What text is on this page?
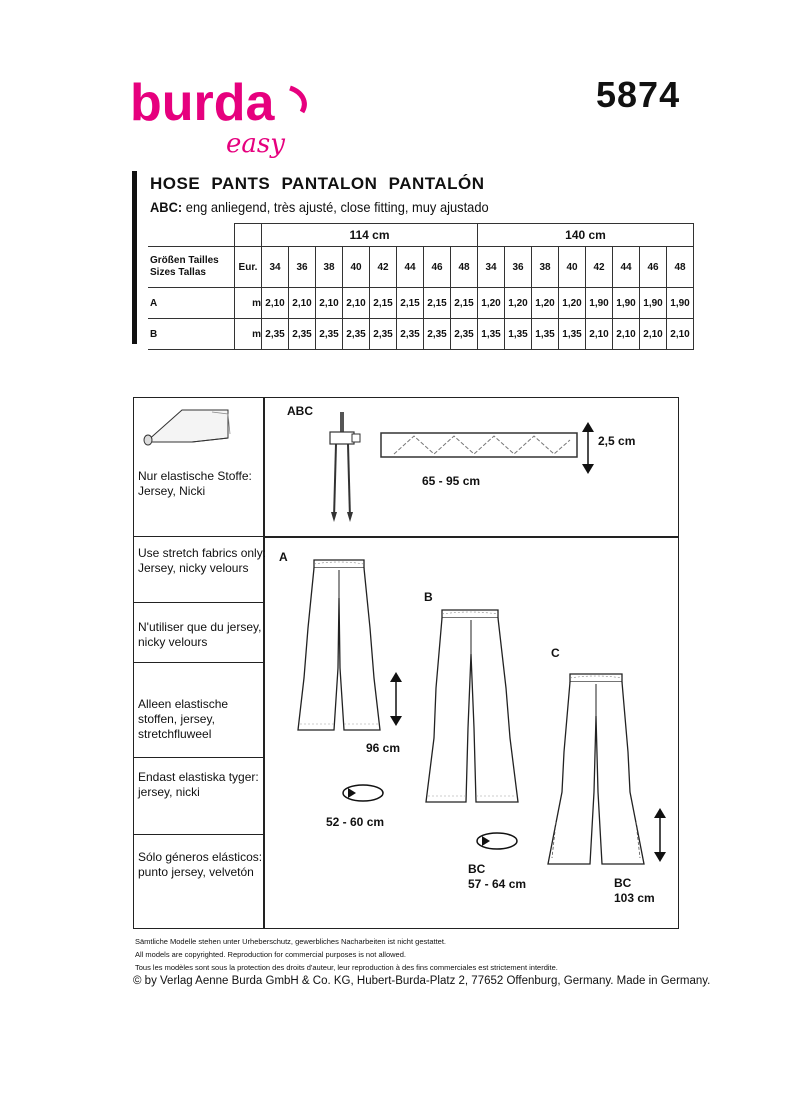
burda
easy
5874
HOSE PANTS PANTALON PANTALÓN
ABC: eng anliegend, très ajusté, close fitting, muy ajustado
		114 cm								140 cm							

Größen Tailles
Sizes Tallas	Eur.	34	36	38	40	42	44	46	48	34	36	38	40	42	44	46	48
A	m	2,10	2,10	2,10	2,10	2,15	2,15	2,15	2,15	1,20	1,20	1,20	1,20	1,90	1,90	1,90	1,90
B	m	2,35	2,35	2,35	2,35	2,35	2,35	2,35	2,35	1,35	1,35	1,35	1,35	2,10	2,10	2,10	2,10
Nur elastische Stoffe:
Jersey, Nicki
Use stretch fabrics only:
Jersey, nicky velours
N'utiliser que du jersey,
nicky velours
Alleen elastische
stoffen, jersey,
stretchfluweel
Endast elastiska tyger:
jersey, nicki
Sólo géneros elásticos:
punto jersey, velvetón
ABC
65 - 95 cm
2,5 cm
A
B
C
96 cm
52 - 60 cm
BC
57 - 64 cm	BC
103 cm
Sämtliche Modelle stehen unter Urheberschutz, gewerbliches Nacharbeiten ist nicht gestattet.
All models are copyrighted. Reproduction for commercial purposes is not allowed.
Tous les modèles sont sous la protection des droits d'auteur, leur reproduction à des fins commerciales est strictement interdite.
© by Verlag Aenne Burda GmbH & Co. KG, Hubert-Burda-Platz 2, 77652 Offenburg, Germany. Made in Germany.
